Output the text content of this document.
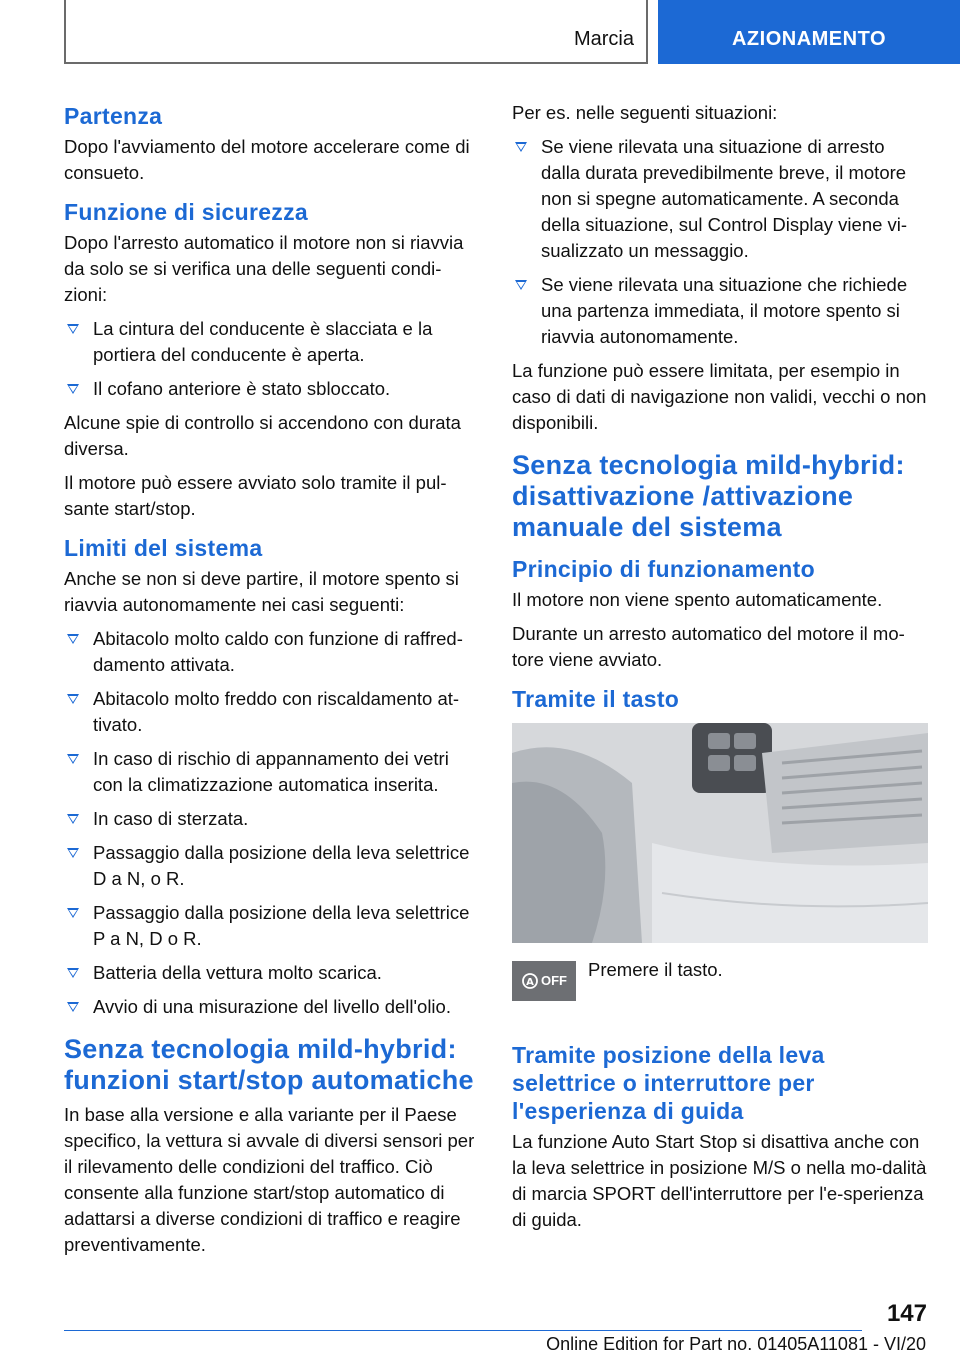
Marcia	AZIONAMENTO
Partenza

Dopo l'avviamento del motore accelerare come di consueto.

Funzione di sicurezza

Dopo l'arresto automatico il motore non si riavvia da solo se si verifica una delle seguenti condi-zioni:

La cintura del conducente è slacciata e la portiera del conducente è aperta.
Il cofano anteriore è stato sbloccato.

Alcune spie di controllo si accendono con durata diversa.

Il motore può essere avviato solo tramite il pul-sante start/stop.

Limiti del sistema

Anche se non si deve partire, il motore spento si riavvia autonomamente nei casi seguenti:

Abitacolo molto caldo con funzione di raffred-damento attivata.
Abitacolo molto freddo con riscaldamento at-tivato.
In caso di rischio di appannamento dei vetri con la climatizzazione automatica inserita.
In caso di sterzata.
Passaggio dalla posizione della leva selettrice D a N, o R.
Passaggio dalla posizione della leva selettrice P a N, D o R.
Batteria della vettura molto scarica.
Avvio di una misurazione del livello dell'olio.
Senza tecnologia mild-hybrid: funzioni start/stop automatiche

In base alla versione e alla variante per il Paese specifico, la vettura si avvale di diversi sensori per il rilevamento delle condizioni del traffico. Ciò consente alla funzione start/stop automatico di adattarsi a diverse condizioni di traffico e reagire preventivamente.

Per es. nelle seguenti situazioni:

Se viene rilevata una situazione di arresto dalla durata prevedibilmente breve, il motore non si spegne automaticamente. A seconda della situazione, sul Control Display viene vi-sualizzato un messaggio.
Se viene rilevata una situazione che richiede una partenza immediata, il motore spento si riavvia autonomamente.

La funzione può essere limitata, per esempio in caso di dati di navigazione non validi, vecchi o non disponibili.

Senza tecnologia mild-hybrid: disattivazione /attivazione manuale del sistema
Principio di funzionamento

Il motore non viene spento automaticamente.

Durante un arresto automatico del motore il mo-tore viene avviato.

Tramite il tasto
A OFF
Premere il tasto.
Tramite posizione della leva selettrice o interruttore per l'esperienza di guida

La funzione Auto Start Stop si disattiva anche con la leva selettrice in posizione M/S o nella mo-dalità di marcia SPORT dell'interruttore per l'e-sperienza di guida.

147
Online Edition for Part no. 01405A11081 - VI/20
